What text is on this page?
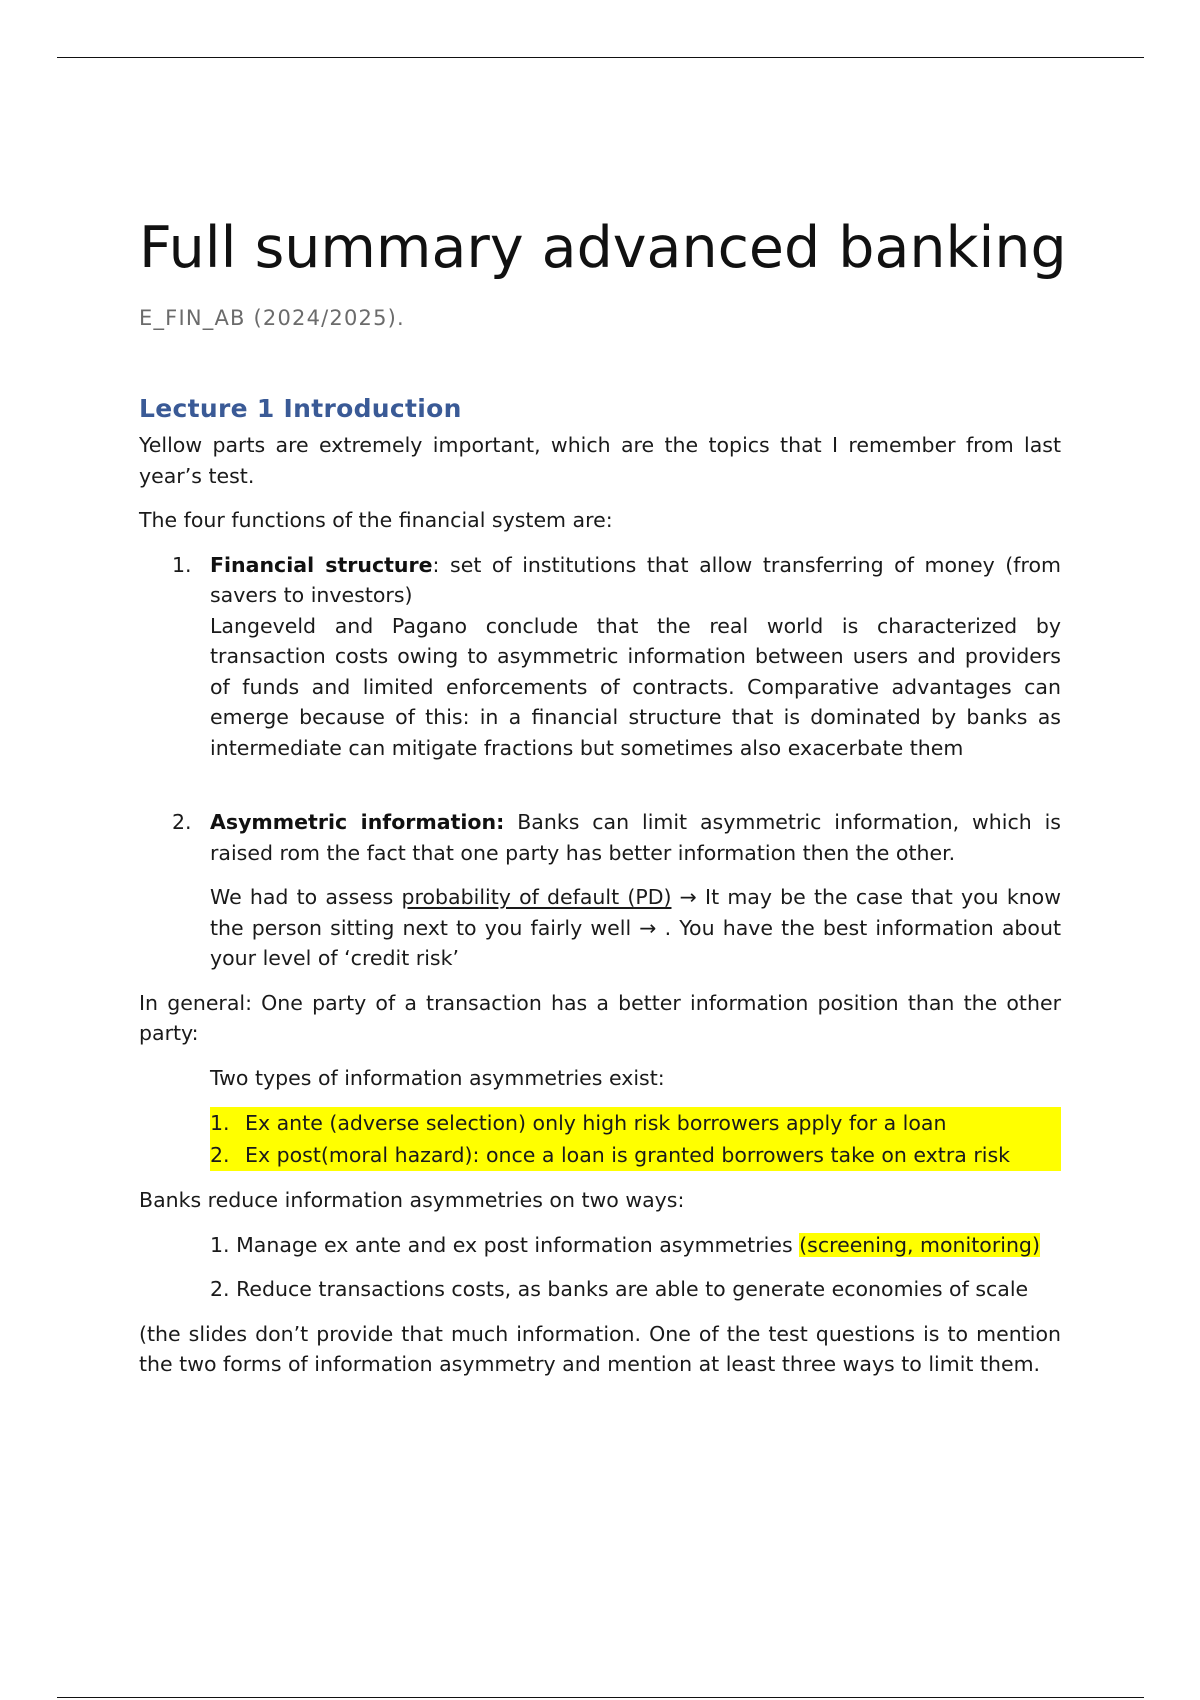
Full summary advanced banking
E_FIN_AB (2024/2025).
Lecture 1 Introduction

Yellow parts are extremely important, which are the topics that I remember from last year’s test.

The four functions of the financial system are:

1. Financial structure: set of institutions that allow transferring of money (from savers to investors)

Langeveld and Pagano conclude that the real world is characterized by transaction costs owing to asymmetric information between users and providers of funds and limited enforcements of contracts. Comparative advantages can emerge because of this: in a financial structure that is dominated by banks as intermediate can mitigate fractions but sometimes also exacerbate them

2. Asymmetric information: Banks can limit asymmetric information, which is raised rom the fact that one party has better information then the other.

We had to assess probability of default (PD) → It may be the case that you know the person sitting next to you fairly well → . You have the best information about your level of ‘credit risk’

In general: One party of a transaction has a better information position than the other party:

Two types of information asymmetries exist:

1. Ex ante (adverse selection) only high risk borrowers apply for a loan
2. Ex post(moral hazard): once a loan is granted borrowers take on extra risk

Banks reduce information asymmetries on two ways:

1. Manage ex ante and ex post information asymmetries (screening, monitoring)

2. Reduce transactions costs, as banks are able to generate economies of scale

(the slides don’t provide that much information. One of the test questions is to mention the two forms of information asymmetry and mention at least three ways to limit them.
